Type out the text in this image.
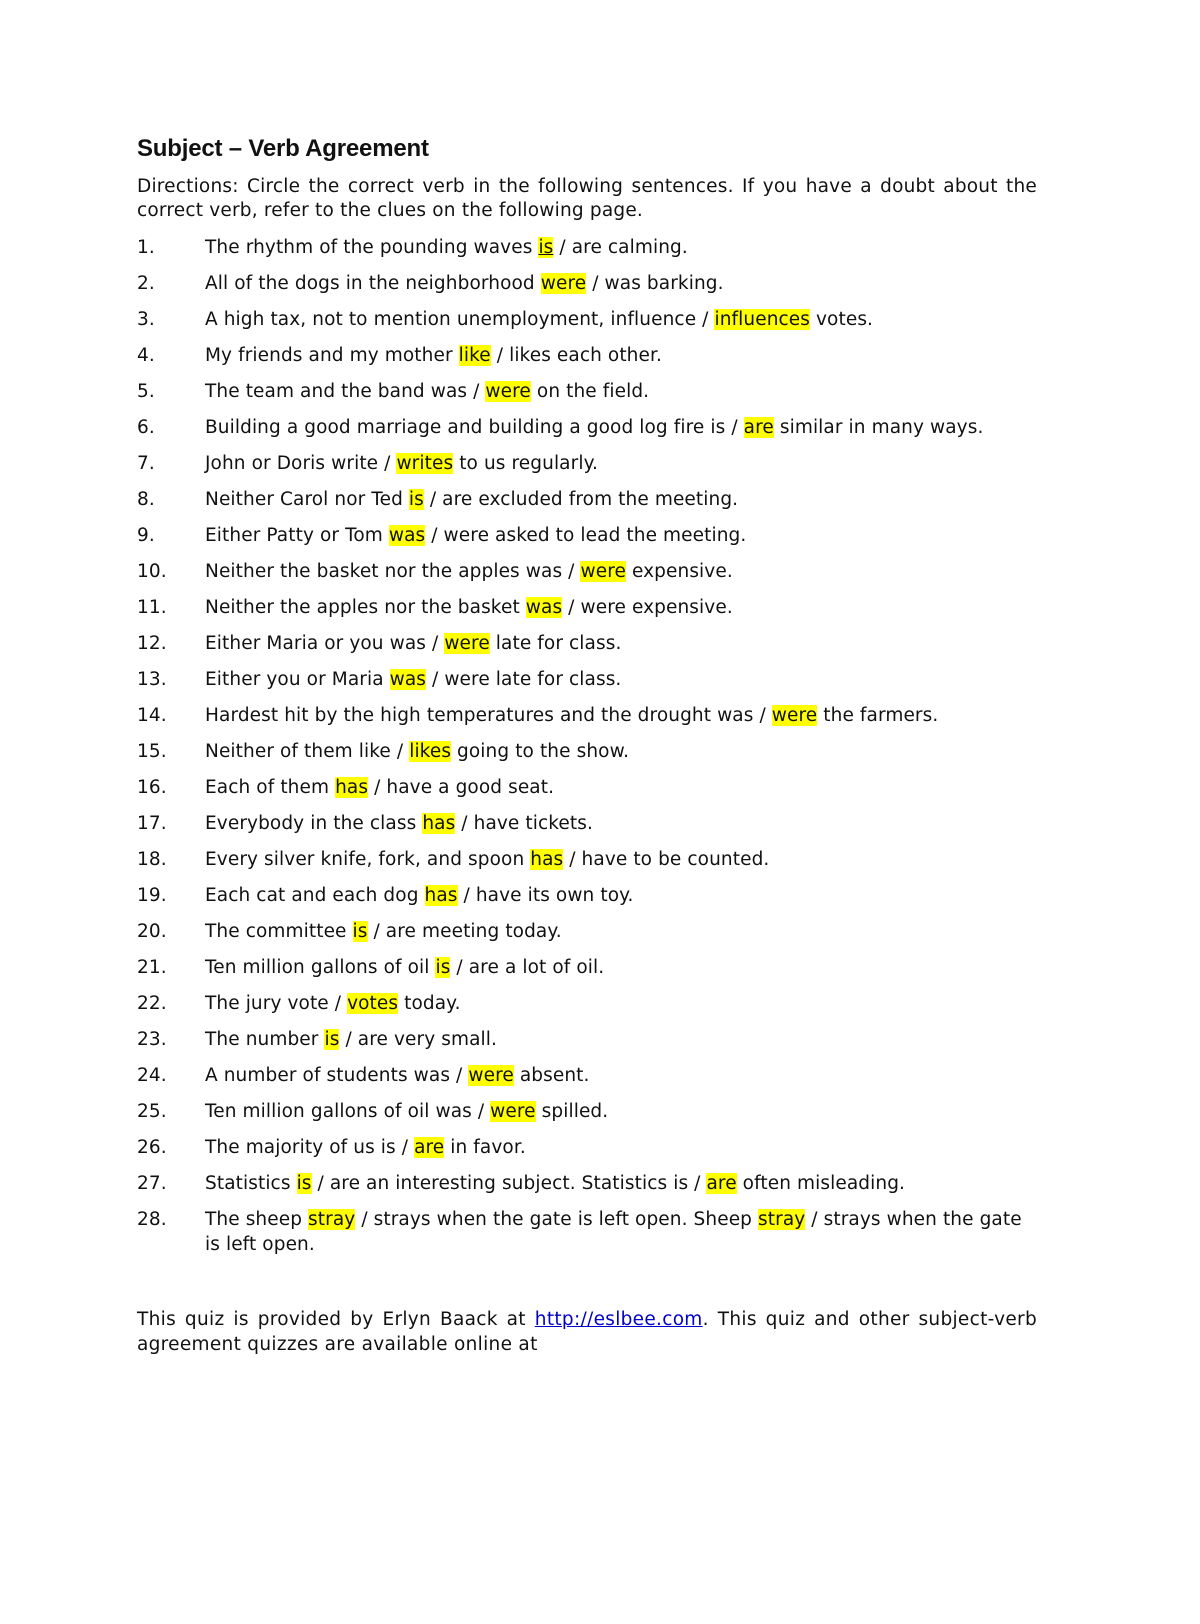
Subject – Verb Agreement

Directions: Circle the correct verb in the following sentences. If you have a doubt about the correct verb, refer to the clues on the following page.

1.	The rhythm of the pounding waves is / are calming.
2.	All of the dogs in the neighborhood were / was barking.
3.	A high tax, not to mention unemployment, influence / influences votes.
4.	My friends and my mother like / likes each other.
5.	The team and the band was / were on the field.
6.	Building a good marriage and building a good log fire is / are similar in many ways.
7.	John or Doris write / writes to us regularly.
8.	Neither Carol nor Ted is / are excluded from the meeting.
9.	Either Patty or Tom was / were asked to lead the meeting.
10.	Neither the basket nor the apples was / were expensive.
11.	Neither the apples nor the basket was / were expensive.
12.	Either Maria or you was / were late for class.
13.	Either you or Maria was / were late for class.
14.	Hardest hit by the high temperatures and the drought was / were the farmers.
15.	Neither of them like / likes going to the show.
16.	Each of them has / have a good seat.
17.	Everybody in the class has / have tickets.
18.	Every silver knife, fork, and spoon has / have to be counted.
19.	Each cat and each dog has / have its own toy.
20.	The committee is / are meeting today.
21.	Ten million gallons of oil is / are a lot of oil.
22.	The jury vote / votes today.
23.	The number is / are very small.
24.	A number of students was / were absent.
25.	Ten million gallons of oil was / were spilled.
26.	The majority of us is / are in favor.
27.	Statistics is / are an interesting subject. Statistics is / are often misleading.
28.	The sheep stray / strays when the gate is left open. Sheep stray / strays when the gate is left open.

This quiz is provided by Erlyn Baack at http://eslbee.com. This quiz and other subject-verb agreement quizzes are available online at
